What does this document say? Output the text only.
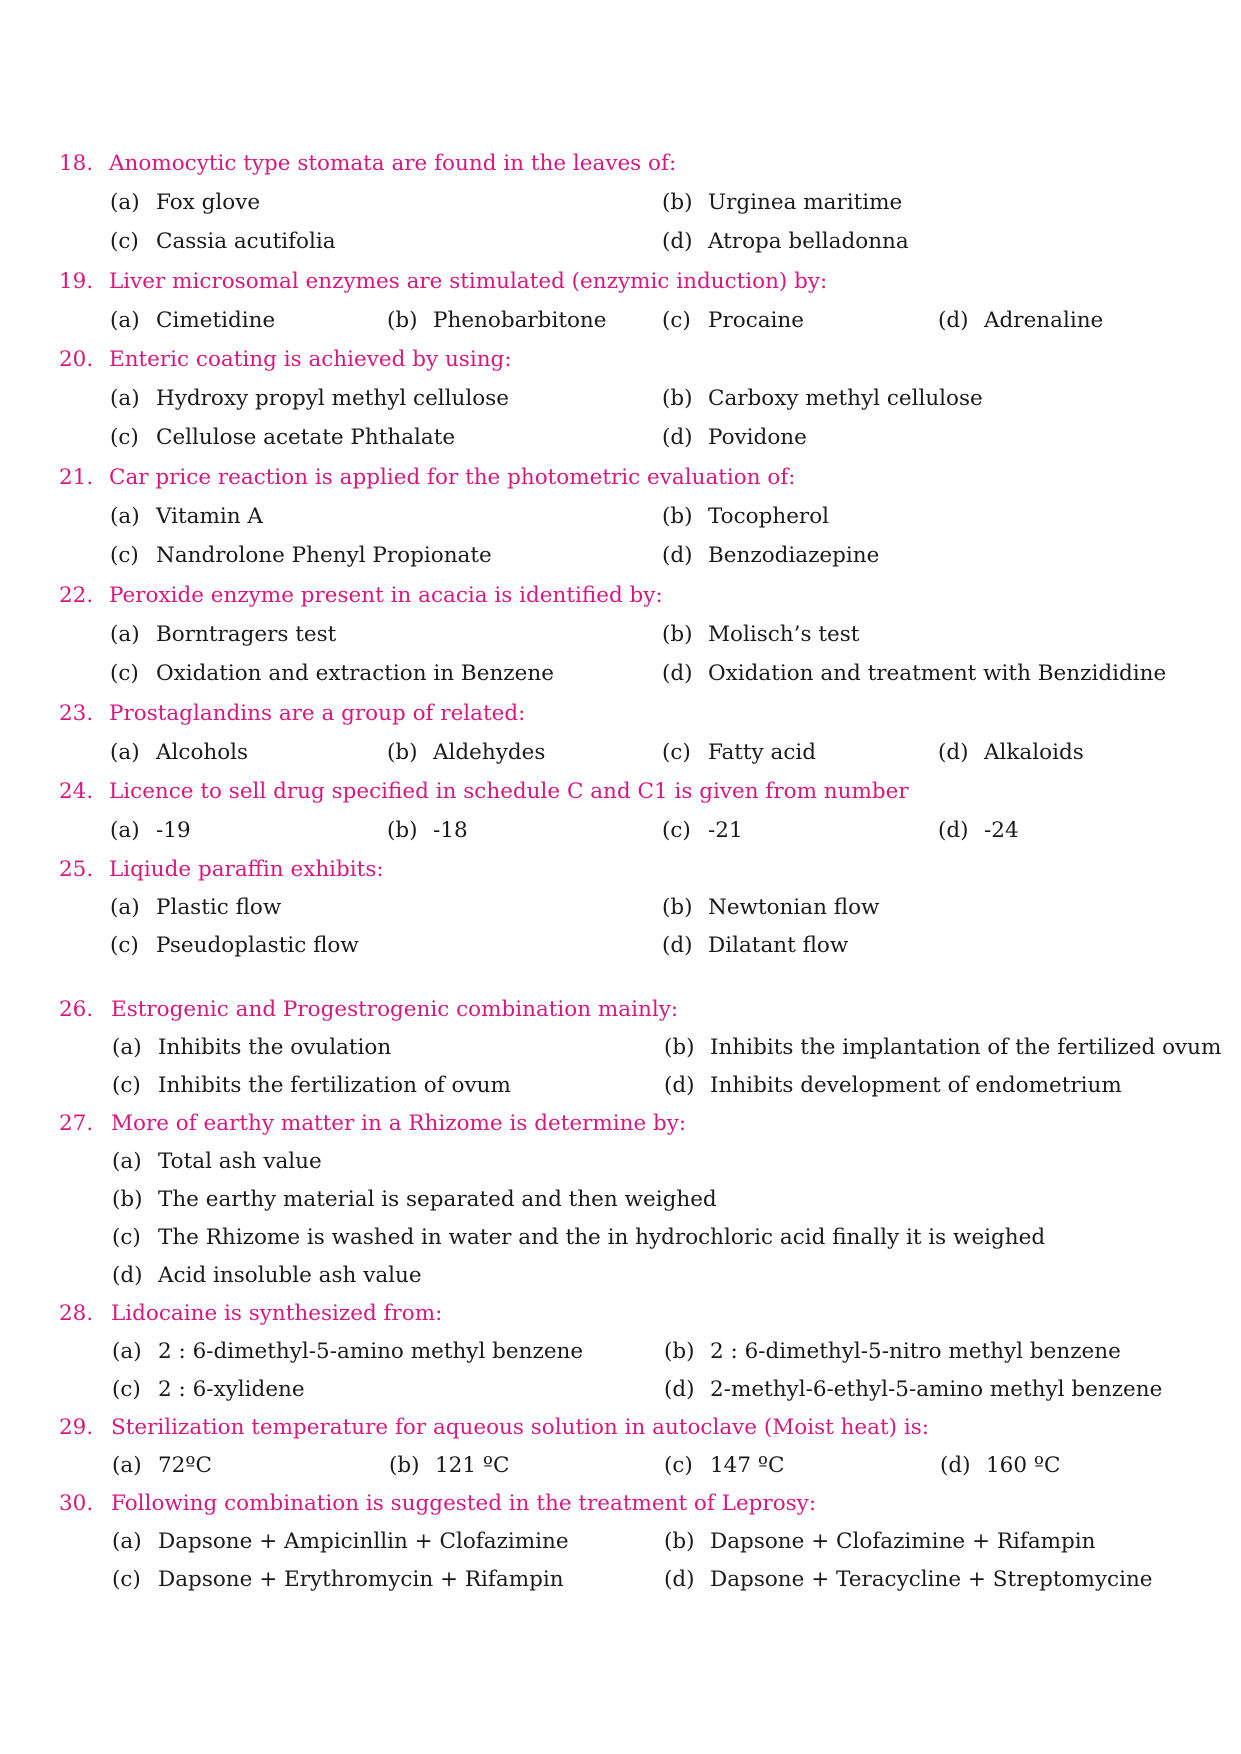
18. Anomocytic type stomata are found in the leaves of:
(a) Fox glove	(b) Urginea maritime
(c) Cassia acutifolia	(d) Atropa belladonna
19. Liver microsomal enzymes are stimulated (enzymic induction) by:
(a) Cimetidine	(b) Phenobarbitone	(c) Procaine	(d) Adrenaline
20. Enteric coating is achieved by using:
(a) Hydroxy propyl methyl cellulose	(b) Carboxy methyl cellulose
(c) Cellulose acetate Phthalate	(d) Povidone
21. Car price reaction is applied for the photometric evaluation of:
(a) Vitamin A	(b) Tocopherol
(c) Nandrolone Phenyl Propionate	(d) Benzodiazepine
22. Peroxide enzyme present in acacia is identified by:
(a) Borntragers test	(b) Molisch’s test
(c) Oxidation and extraction in Benzene	(d) Oxidation and treatment with Benzididine
23. Prostaglandins are a group of related:
(a) Alcohols	(b) Aldehydes	(c) Fatty acid	(d) Alkaloids
24. Licence to sell drug specified in schedule C and C1 is given from number
(a) -19	(b) -18	(c) -21	(d) -24
25. Liqiude paraffin exhibits:
(a) Plastic flow	(b) Newtonian flow
(c) Pseudoplastic flow	(d) Dilatant flow
26. Estrogenic and Progestrogenic combination mainly:
(a) Inhibits the ovulation	(b) Inhibits the implantation of the fertilized ovum
(c) Inhibits the fertilization of ovum	(d) Inhibits development of endometrium
27. More of earthy matter in a Rhizome is determine by:
(a) Total ash value
(b) The earthy material is separated and then weighed
(c) The Rhizome is washed in water and the in hydrochloric acid finally it is weighed
(d) Acid insoluble ash value
28. Lidocaine is synthesized from:
(a) 2 : 6-dimethyl-5-amino methyl benzene	(b) 2 : 6-dimethyl-5-nitro methyl benzene
(c) 2 : 6-xylidene	(d) 2-methyl-6-ethyl-5-amino methyl benzene
29. Sterilization temperature for aqueous solution in autoclave (Moist heat) is:
(a) 72ºC	(b) 121 ºC	(c) 147 ºC	(d) 160 ºC
30. Following combination is suggested in the treatment of Leprosy:
(a) Dapsone + Ampicinllin + Clofazimine	(b) Dapsone + Clofazimine + Rifampin
(c) Dapsone + Erythromycin + Rifampin	(d) Dapsone + Teracycline + Streptomycine
